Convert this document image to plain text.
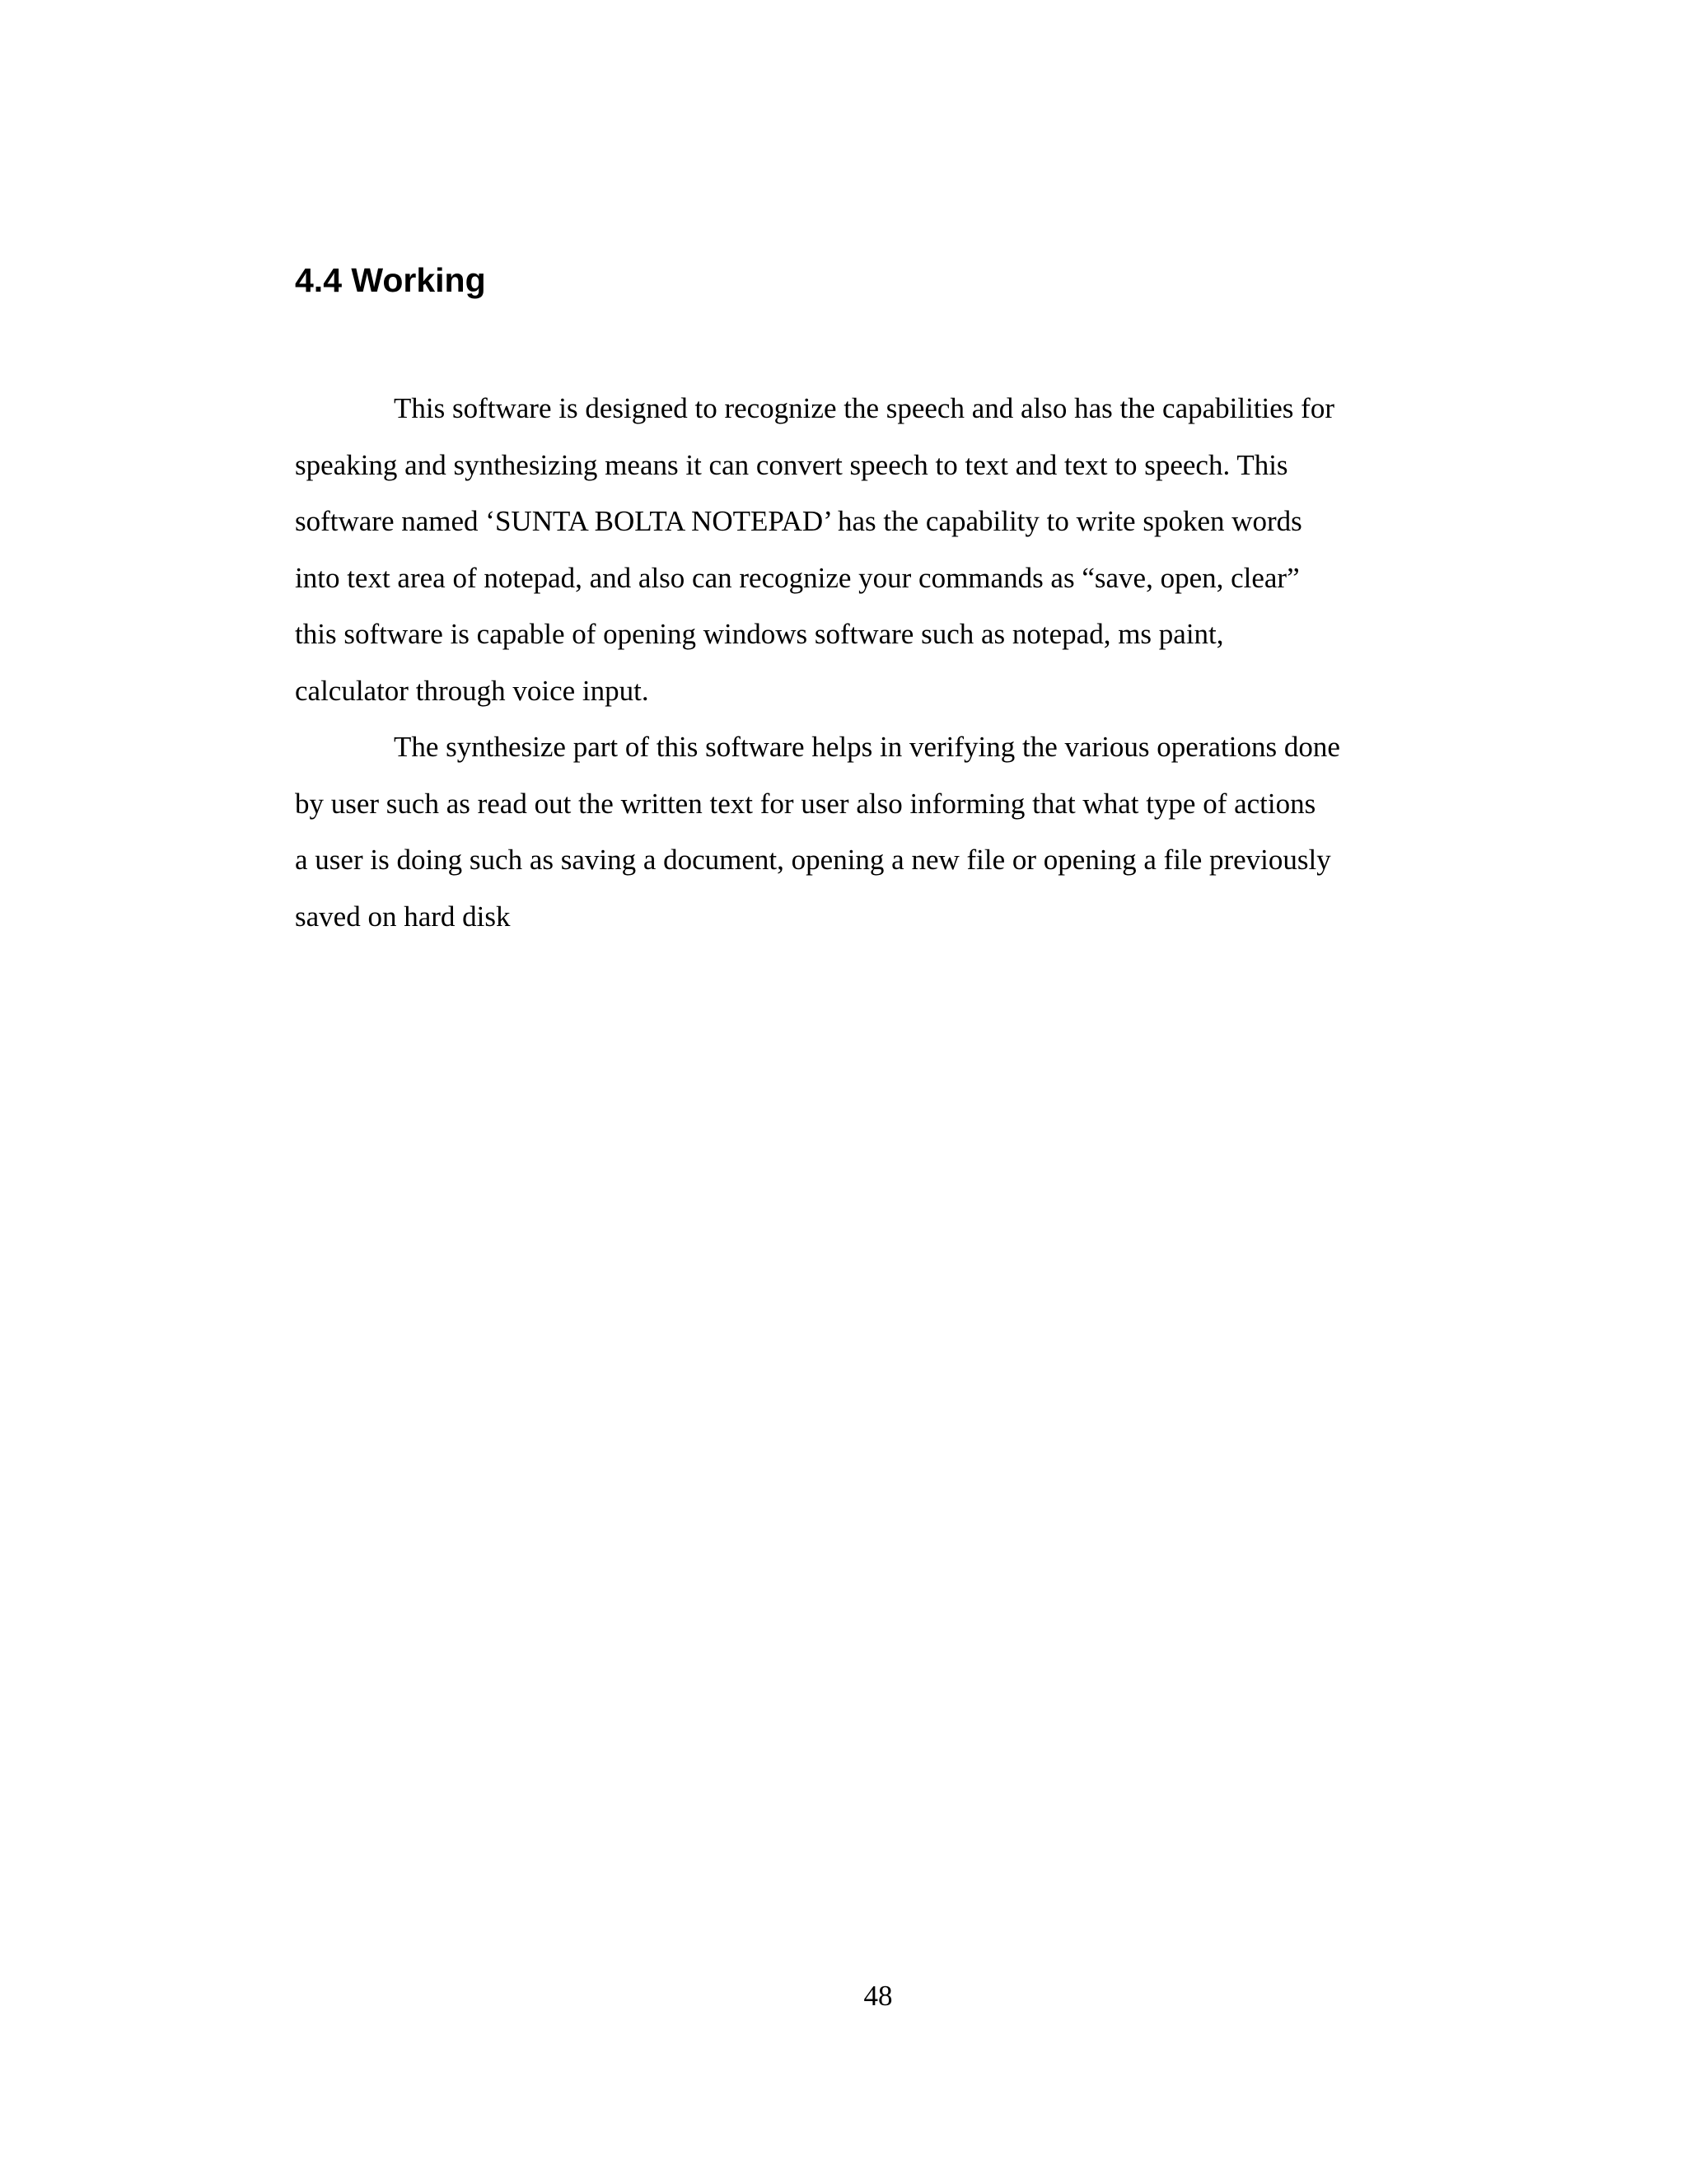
4.4 Working
This software is designed to recognize the speech and also has the capabilities for
speaking and synthesizing means it can convert speech to text and text to speech. This
software named ‘SUNTA BOLTA NOTEPAD’ has the capability to write spoken words
into text area of notepad, and also can recognize your commands as “save, open, clear”
this software is capable of opening windows software such as notepad, ms paint,
calculator through voice input.
The synthesize part of this software helps in verifying the various operations done
by user such as read out the written text for user also informing that what type of actions
a user is doing such as saving a document, opening a new file or opening a file previously
saved on hard disk
48
